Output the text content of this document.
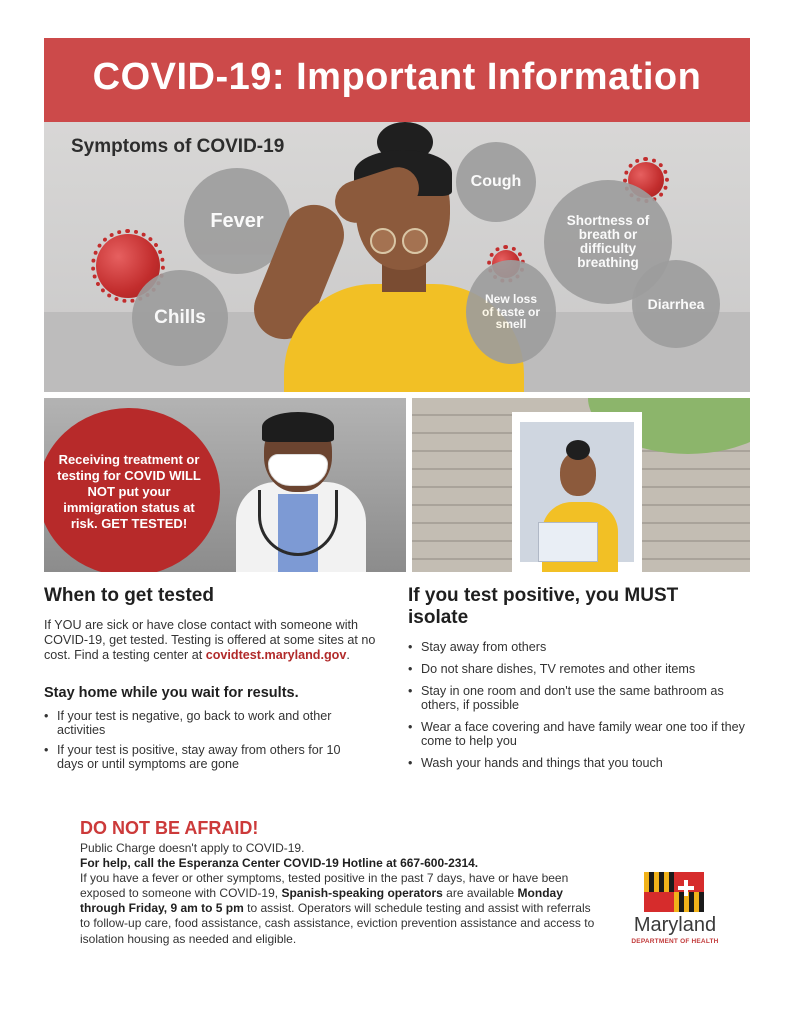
COVID-19: Important Information
Symptoms of COVID-19
Fever
Chills
Cough
Shortness of breath or difficulty breathing
New loss of taste or smell
Diarrhea
Receiving treatment or testing for COVID WILL NOT put your immigration status at risk. GET TESTED!
When to get tested

If YOU are sick or have close contact with someone with COVID-19, get tested. Testing is offered at some sites at no cost. Find a testing center at covidtest.maryland.gov.

Stay home while you wait for results.
• If your test is negative, go back to work and other activities
• If your test is positive, stay away from others for 10 days or until symptoms are gone
If you test positive, you MUST isolate
• Stay away from others
• Do not share dishes, TV remotes and other items
• Stay in one room and don't use the same bathroom as others, if possible
• Wear a face covering and have family wear one too if they come to help you
• Wash your hands and things that you touch
DO NOT BE AFRAID!
Public Charge doesn't apply to COVID-19.
For help, call the Esperanza Center COVID-19 Hotline at 667-600-2314.
If you have a fever or other symptoms, tested positive in the past 7 days, have or have been exposed to someone with COVID-19, Spanish-speaking operators are available Monday through Friday, 9 am to 5 pm to assist. Operators will schedule testing and assist with referrals to follow-up care, food assistance, cash assistance, eviction prevention assistance and access to isolation housing as needed and eligible.
Maryland
DEPARTMENT OF HEALTH
